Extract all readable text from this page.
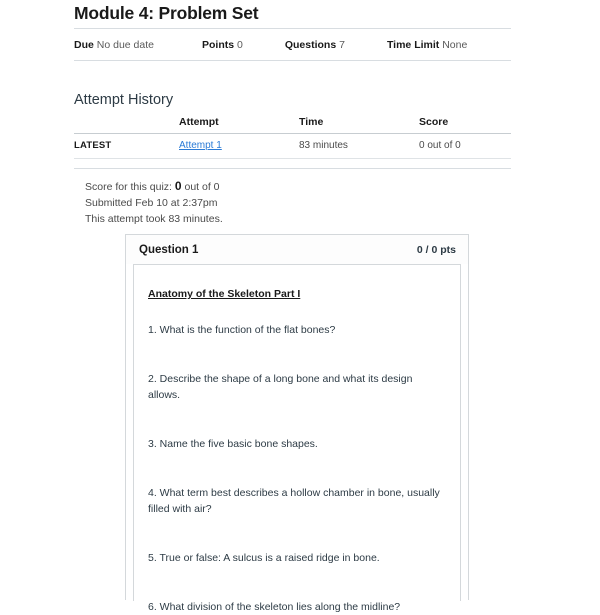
Module 4: Problem Set
Due No due date	Points 0	Questions 7	Time Limit None
Attempt History
	Attempt	Time	Score
LATEST	Attempt 1	83 minutes	0 out of 0
Score for this quiz: 0 out of 0
Submitted Feb 10 at 2:37pm
This attempt took 83 minutes.
Question 1	0 / 0 pts
Anatomy of the Skeleton Part I
1. What is the function of the flat bones?
2. Describe the shape of a long bone and what its design allows.
3. Name the five basic bone shapes.
4. What term best describes a hollow chamber in bone, usually filled with air?
5. True or false: A sulcus is a raised ridge in bone.
6. What division of the skeleton lies along the midline?
